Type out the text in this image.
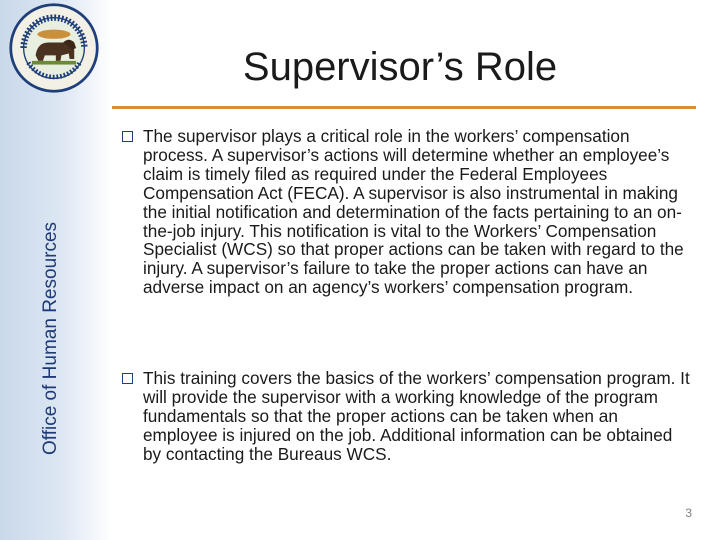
Office of Human Resources
Supervisor’s Role
The supervisor plays a critical role in the workers’ compensation process. A supervisor’s actions will determine whether an employee’s claim is timely filed as required under the Federal Employees Compensation Act (FECA). A supervisor is also instrumental in making the initial notification and determination of the facts pertaining to an on-the-job injury. This notification is vital to the Workers’ Compensation Specialist (WCS) so that proper actions can be taken with regard to the injury. A supervisor’s failure to take the proper actions can have an adverse impact on an agency’s workers’ compensation program.
This training covers the basics of the workers’ compensation program. It will provide the supervisor with a working knowledge of the program fundamentals so that the proper actions can be taken when an employee is injured on the job. Additional information can be obtained by contacting the Bureaus WCS.
3
